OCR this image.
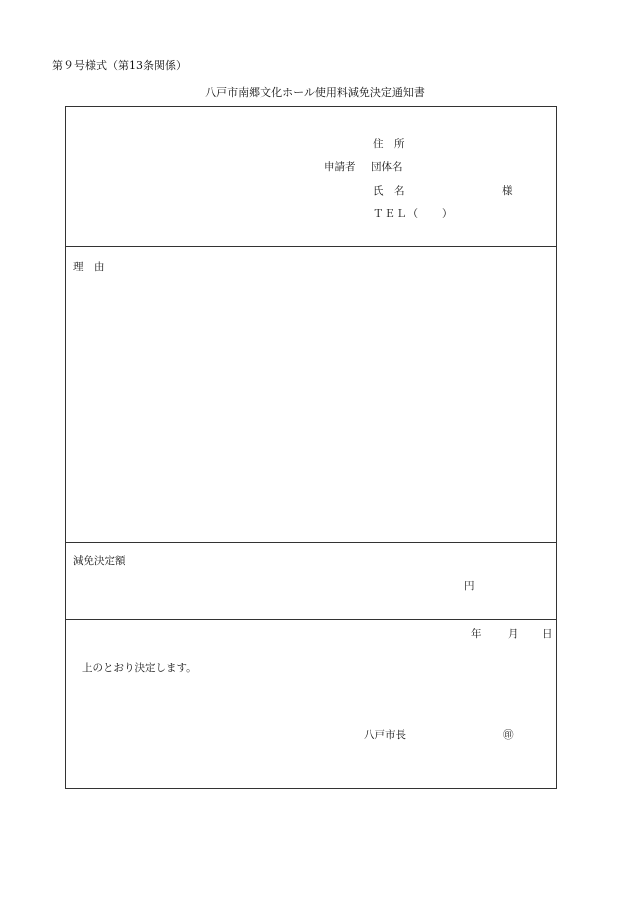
第９号様式（第13条関係）
八戸市南郷文化ホール使用料減免決定通知書
住　所
申請者 団体名
氏　名	様
ＴＥＬ（　　）
理　由
減免決定額
円
年	月 日
上のとおり決定します。
八戸市長	㊞
